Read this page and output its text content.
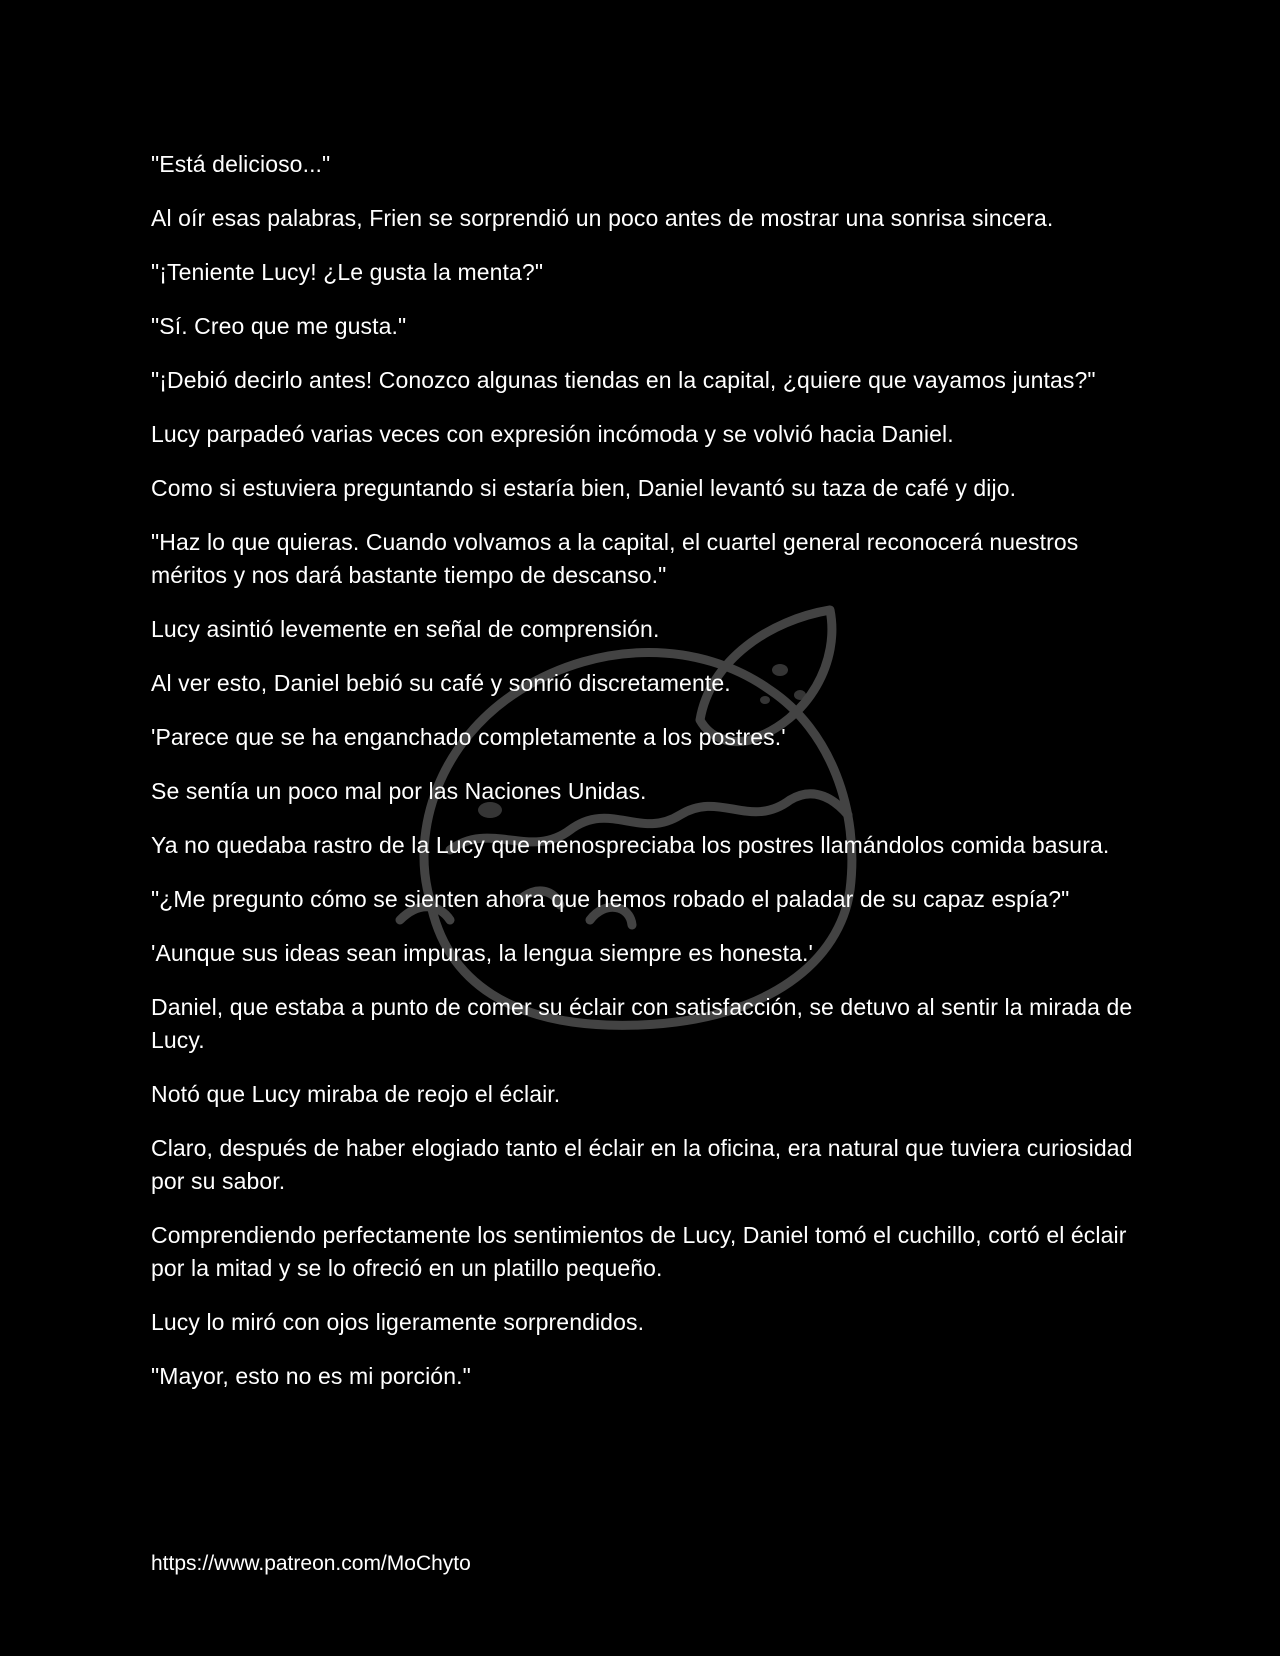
"Está delicioso..."

Al oír esas palabras, Frien se sorprendió un poco antes de mostrar una sonrisa sincera.

"¡Teniente Lucy! ¿Le gusta la menta?"

"Sí. Creo que me gusta."

"¡Debió decirlo antes! Conozco algunas tiendas en la capital, ¿quiere que vayamos juntas?"

Lucy parpadeó varias veces con expresión incómoda y se volvió hacia Daniel.

Como si estuviera preguntando si estaría bien, Daniel levantó su taza de café y dijo.

"Haz lo que quieras. Cuando volvamos a la capital, el cuartel general reconocerá nuestros méritos y nos dará bastante tiempo de descanso."

Lucy asintió levemente en señal de comprensión.

Al ver esto, Daniel bebió su café y sonrió discretamente.

'Parece que se ha enganchado completamente a los postres.'

Se sentía un poco mal por las Naciones Unidas.

Ya no quedaba rastro de la Lucy que menospreciaba los postres llamándolos comida basura.

"¿Me pregunto cómo se sienten ahora que hemos robado el paladar de su capaz espía?"

'Aunque sus ideas sean impuras, la lengua siempre es honesta.'

Daniel, que estaba a punto de comer su éclair con satisfacción, se detuvo al sentir la mirada de Lucy.

Notó que Lucy miraba de reojo el éclair.

Claro, después de haber elogiado tanto el éclair en la oficina, era natural que tuviera curiosidad por su sabor.

Comprendiendo perfectamente los sentimientos de Lucy, Daniel tomó el cuchillo, cortó el éclair por la mitad y se lo ofreció en un platillo pequeño.

Lucy lo miró con ojos ligeramente sorprendidos.

"Mayor, esto no es mi porción."

https://www.patreon.com/MoChyto
